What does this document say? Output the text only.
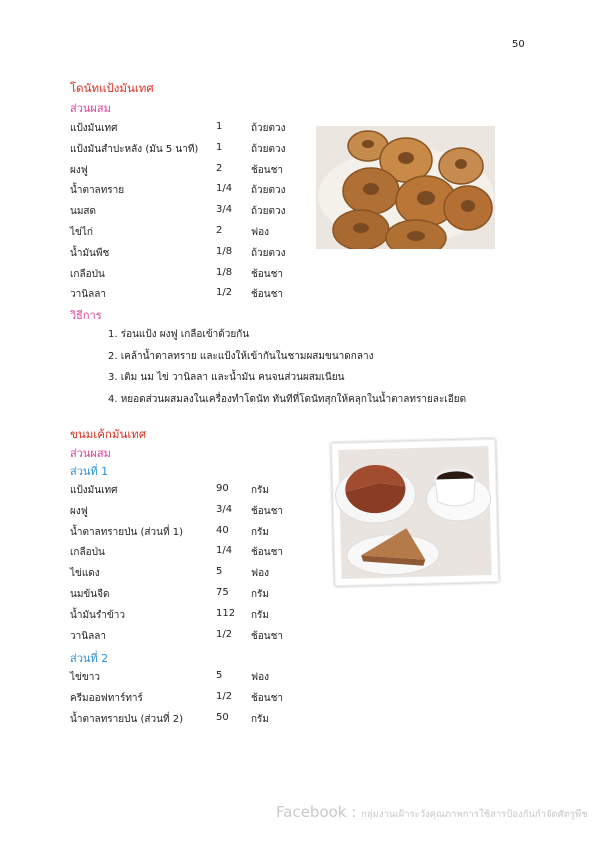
50
โดนัทแป้งมันเทศ
ส่วนผสม
แป้งมันเทศ	1	ถ้วยตวง
แป้งมันสำปะหลัง (มัน 5 นาที) 1	ถ้วยตวง
ผงฟู	2	ช้อนชา
น้ำตาลทราย	1/4 ถ้วยตวง
นมสด	3/4 ถ้วยตวง
ไข่ไก่	2	ฟอง
น้ำมันพืช	1/8 ถ้วยตวง
เกลือป่น	1/8 ช้อนชา
วานิลลา	1/2 ช้อนชา
วิธีการ
1. ร่อนแป้ง ผงฟู เกลือเข้าด้วยกัน
2. เคล้าน้ำตาลทราย และแป้งให้เข้ากันในชามผสมขนาดกลาง
3. เติม นม ไข่ วานิลลา และน้ำมัน คนจนส่วนผสมเนียน
4. หยอดส่วนผสมลงในเครื่องทำโดนัท ทันทีที่โดนัทสุกให้คลุกในน้ำตาลทรายละเอียด
ขนมเค้กมันเทศ
ส่วนผสม
ส่วนที่ 1
แป้งมันเทศ	90 กรัม
ผงฟู	3/4 ช้อนชา
น้ำตาลทรายป่น (ส่วนที่ 1)	40 กรัม
เกลือป่น	1/4 ช้อนชา
ไข่แดง	5	ฟอง
นมข้นจืด	75 กรัม
น้ำมันรำข้าว	112 กรัม
วานิลลา	1/2 ช้อนชา
ส่วนที่ 2
ไข่ขาว	5	ฟอง
ครีมออฟทาร์ทาร์	1/2 ช้อนชา
น้ำตาลทรายป่น (ส่วนที่ 2)	50 กรัม
Facebook : กลุ่มงานเฝ้าระวังคุณภาพการใช้สารป้องกันกำจัดศัตรูพืช
